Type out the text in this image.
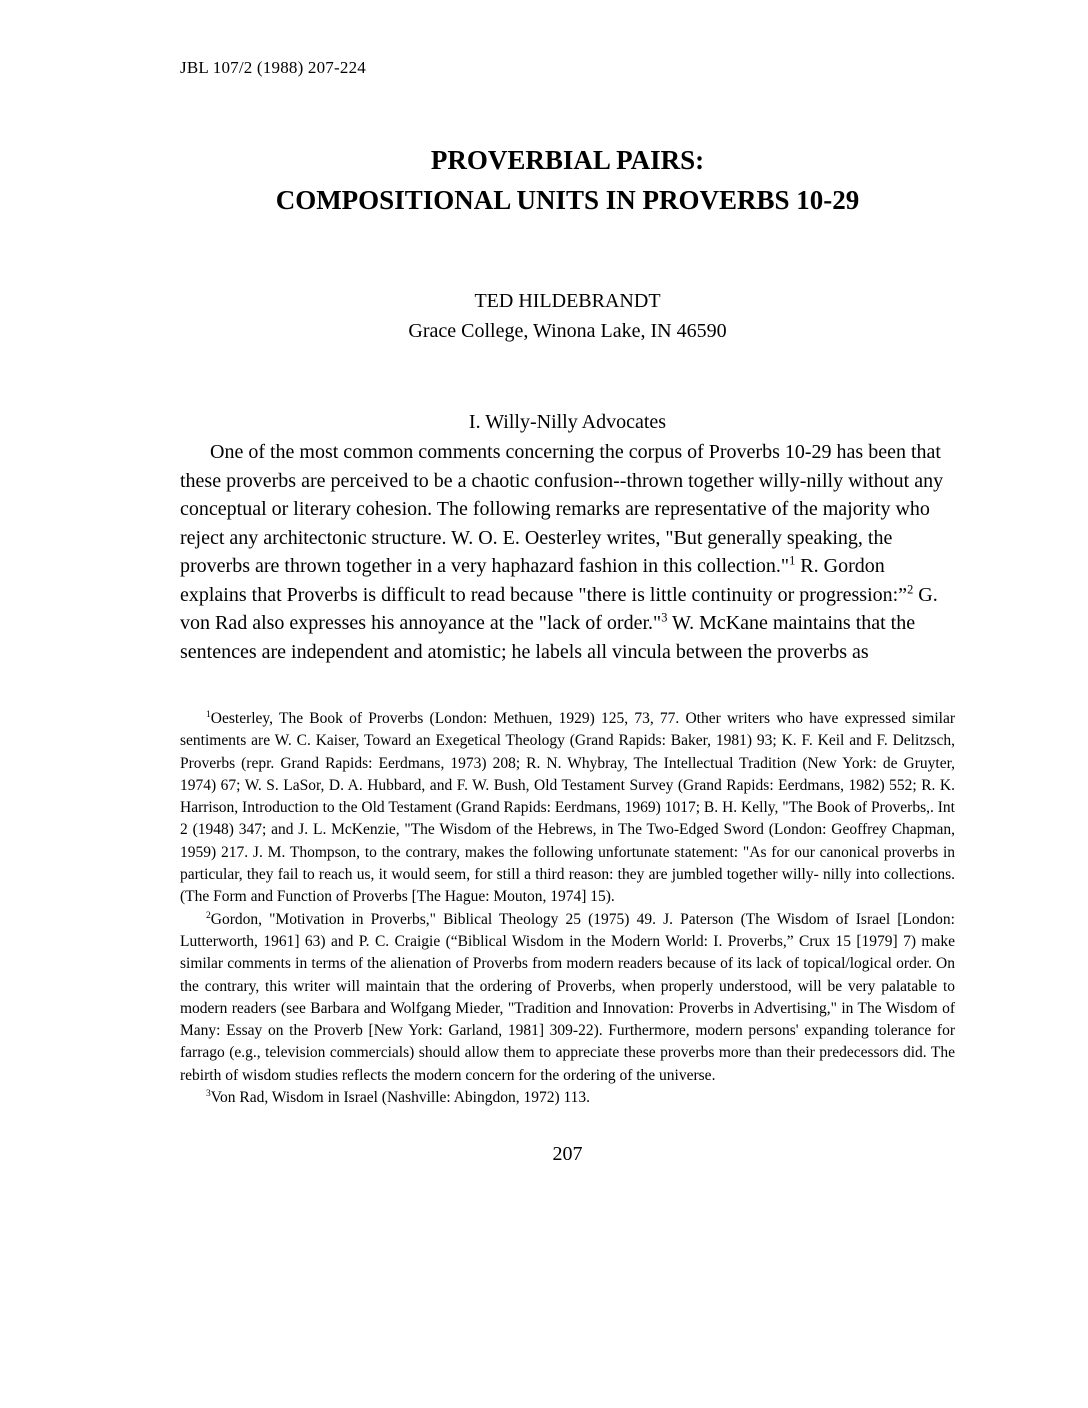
JBL 107/2 (1988) 207-224
PROVERBIAL PAIRS:
COMPOSITIONAL UNITS IN PROVERBS 10-29
TED HILDEBRANDT
Grace College, Winona Lake, IN 46590
I. Willy-Nilly Advocates

One of the most common comments concerning the corpus of Proverbs 10-29 has been that these proverbs are perceived to be a chaotic confusion--thrown together willy-nilly without any conceptual or literary cohesion. The following remarks are representative of the majority who reject any architectonic structure. W. O. E. Oesterley writes, "But generally speaking, the proverbs are thrown together in a very haphazard fashion in this collection."$^1$ R. Gordon explains that Proverbs is difficult to read because "there is little continuity or progression:”$^2$ G. von Rad also expresses his annoyance at the "lack of order."$^3$ W. McKane maintains that the sentences are independent and atomistic; he labels all vincula between the proverbs as

$^1$Oesterley, The Book of Proverbs (London: Methuen, 1929) 125, 73, 77. Other writers who have expressed similar sentiments are W. C. Kaiser, Toward an Exegetical Theology (Grand Rapids: Baker, 1981) 93; K. F. Keil and F. Delitzsch, Proverbs (repr. Grand Rapids: Eerdmans, 1973) 208; R. N. Whybray, The Intellectual Tradition (New York: de Gruyter, 1974) 67; W. S. LaSor, D. A. Hubbard, and F. W. Bush, Old Testament Survey (Grand Rapids: Eerdmans, 1982) 552; R. K. Harrison, Introduction to the Old Testament (Grand Rapids: Eerdmans, 1969) 1017; B. H. Kelly, "The Book of Proverbs,. Int 2 (1948) 347; and J. L. McKenzie, "The Wisdom of the Hebrews, in The Two-Edged Sword (London: Geoffrey Chapman, 1959) 217. J. M. Thompson, to the contrary, makes the following unfortunate statement: "As for our canonical proverbs in particular, they fail to reach us, it would seem, for still a third reason: they are jumbled together willy- nilly into collections. (The Form and Function of Proverbs [The Hague: Mouton, 1974] 15).

$^2$Gordon, "Motivation in Proverbs," Biblical Theology 25 (1975) 49. J. Paterson (The Wisdom of Israel [London: Lutterworth, 1961] 63) and P. C. Craigie (“Biblical Wisdom in the Modern World: I. Proverbs,” Crux 15 [1979] 7) make similar comments in terms of the alienation of Proverbs from modern readers because of its lack of topical/logical order. On the contrary, this writer will maintain that the ordering of Proverbs, when properly understood, will be very palatable to modern readers (see Barbara and Wolfgang Mieder, "Tradition and Innovation: Proverbs in Advertising," in The Wisdom of Many: Essay on the Proverb [New York: Garland, 1981] 309-22). Furthermore, modern persons' expanding tolerance for farrago (e.g., television commercials) should allow them to appreciate these proverbs more than their predecessors did. The rebirth of wisdom studies reflects the modern concern for the ordering of the universe.

$^3$Von Rad, Wisdom in Israel (Nashville: Abingdon, 1972) 113.

207
